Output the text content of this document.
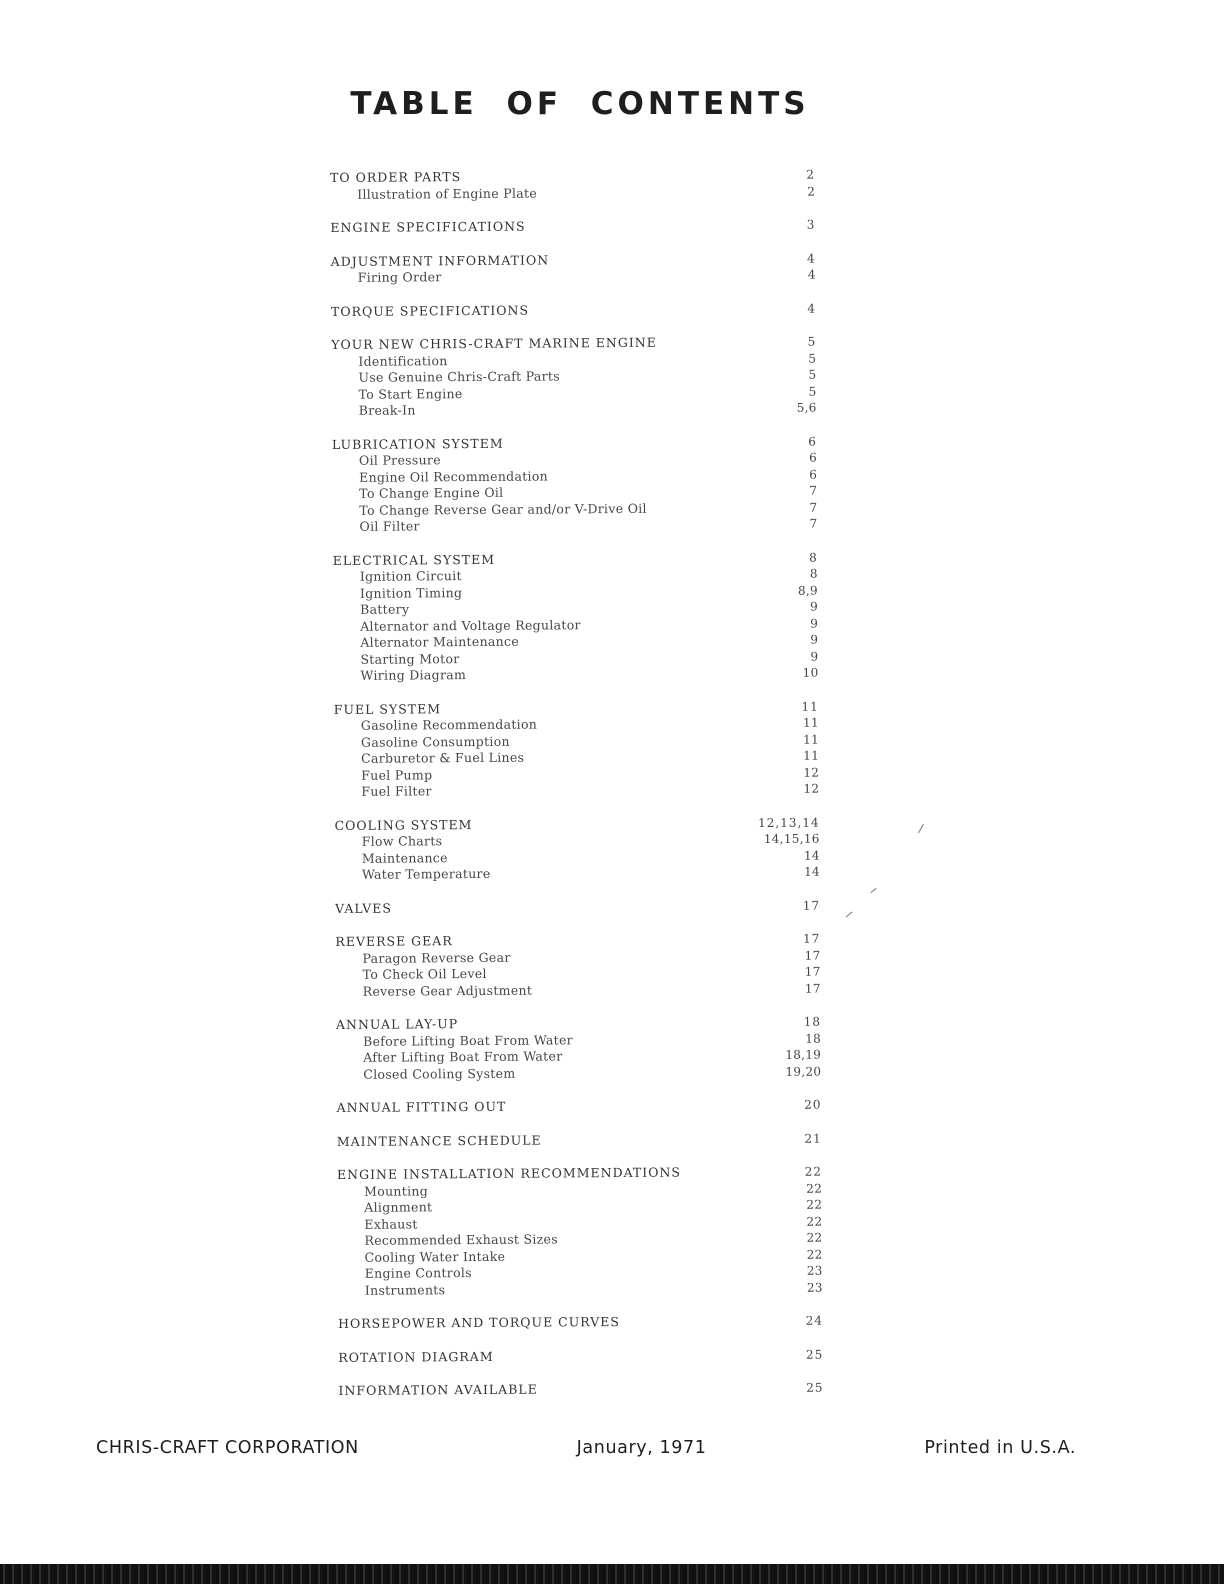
TABLE OF CONTENTS
TO ORDER PARTS	2
Illustration of Engine Plate	2
ENGINE SPECIFICATIONS	3
ADJUSTMENT INFORMATION	4
Firing Order	4
TORQUE SPECIFICATIONS	4
YOUR NEW CHRIS-CRAFT MARINE ENGINE	5
Identification	5
Use Genuine Chris-Craft Parts	5
To Start Engine	5
Break-In	5,6
LUBRICATION SYSTEM	6
Oil Pressure	6
Engine Oil Recommendation	6
To Change Engine Oil	7
To Change Reverse Gear and/or V-Drive Oil	7
Oil Filter	7
ELECTRICAL SYSTEM	8
Ignition Circuit	8
Ignition Timing	8,9
Battery	9
Alternator and Voltage Regulator	9
Alternator Maintenance	9
Starting Motor	9
Wiring Diagram	10
FUEL SYSTEM	11
Gasoline Recommendation	11
Gasoline Consumption	11
Carburetor & Fuel Lines	11
Fuel Pump	12
Fuel Filter	12
COOLING SYSTEM	12,13,14
Flow Charts	14,15,16
Maintenance	14
Water Temperature	14
VALVES	17
REVERSE GEAR	17
Paragon Reverse Gear	17
To Check Oil Level	17
Reverse Gear Adjustment	17
ANNUAL LAY-UP	18
Before Lifting Boat From Water	18
After Lifting Boat From Water	18,19
Closed Cooling System	19,20
ANNUAL FITTING OUT	20
MAINTENANCE SCHEDULE	21
ENGINE INSTALLATION RECOMMENDATIONS	22
Mounting	22
Alignment	22
Exhaust	22
Recommended Exhaust Sizes	22
Cooling Water Intake	22
Engine Controls	23
Instruments	23
HORSEPOWER AND TORQUE CURVES	24
ROTATION DIAGRAM	25
INFORMATION AVAILABLE	25
CHRIS-CRAFT CORPORATION	January, 1971	Printed in U.S.A.
